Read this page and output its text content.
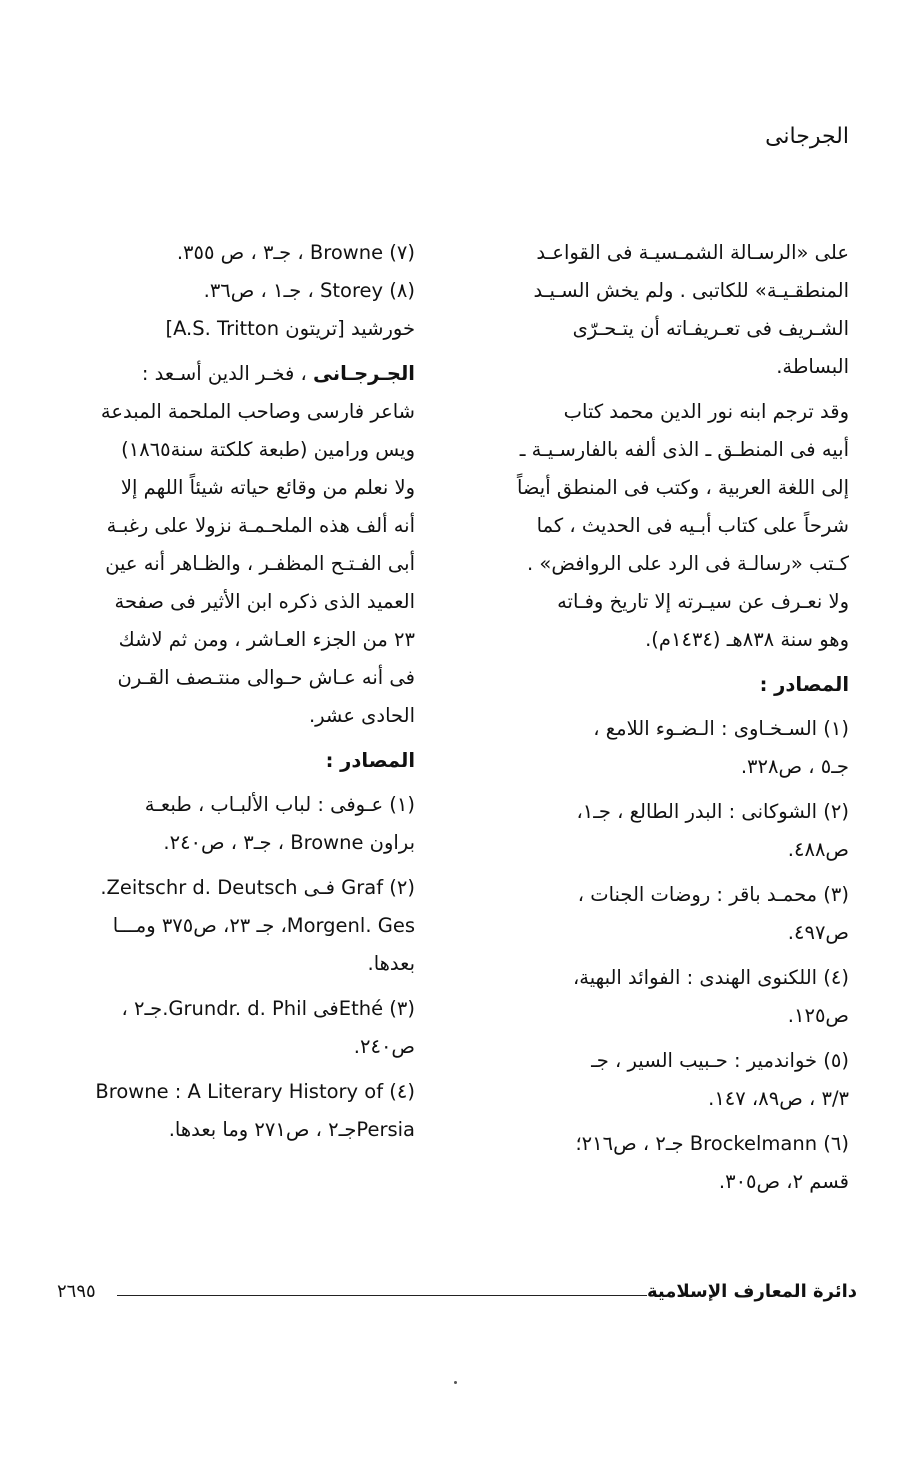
الجرجانى

على «الرسـالة الشمـسيـة فى القواعـد
المنطقـيـة» للكاتبى . ولم يخش السـيـد
الشـريف فى تعـريفـاته أن يتـحـرّى
البساطة.

وقد ترجم ابنه نور الدين محمد كتاب
أبيه فى المنطـق ـ الذى ألفه بالفارسـيـة ـ
إلى اللغة العربية ، وكتب فى المنطق أيضاً
شرحاً على كتاب أبـيه فى الحديث ، كما
كـتب «رسالـة فى الرد على الروافض» .
ولا نعـرف عن سيـرته إلا تاريخ وفـاته
وهو سنة ٨٣٨هـ (١٤٣٤م).

المصادر :

(١) السـخـاوى : الـضـوء اللامع ،
جـ٥ ، ص٣٢٨.

(٢) الشوكانى : البدر الطالع ، جـ١،
ص٤٨٨.

(٣) محمـد باقر : روضات الجنات ،
ص٤٩٧.

(٤) اللكنوى الهندى : الفوائد البهية،
ص١٢٥.

(٥) خواندمير : حـبيب السير ، جـ
٣/٣ ، ص٨٩، ١٤٧.

(٦) Brockelmann جـ٢ ، ص٢١٦؛
قسم ٢، ص٣٠٥.

(٧) Browne ، جـ٣ ، ص ٣٥٥.
(٨) Storey ، جـ١ ، ص٣٦.
خورشيد [تريتون A.S. Tritton]

الجـرجـانى ، فخـر الدين أسـعد :
شاعر فارسى وصاحب الملحمة المبدعة
ويس ورامين (طبعة كلكتة سنة١٨٦٥)
ولا نعلم من وقائع حياته شيئاً اللهم إلا
أنه ألف هذه الملحـمـة نزولا على رغبـة
أبى الفـتـح المظفـر ، والظـاهر أنه عين
العميد الذى ذكره ابن الأثير فى صفحة
٢٣ من الجزء العـاشر ، ومن ثم لاشك
فى أنه عـاش حـوالى منتـصف القـرن
الحادى عشر.

المصادر :

(١) عـوفى : لباب الألبـاب ، طبعـة
براون Browne ، جـ٣ ، ص٢٤٠.

(٢) Graf فـى Zeitschr d. Deutsch.
Morgenl. Ges، جـ ٢٣، ص٣٧٥ ومـــا
بعدها.

(٣) Ethéفى Grundr. d. Phil.جـ٢ ،
ص٢٤٠.

(٤) Browne : A Literary History of
Persiaجـ٢ ، ص٢٧١ وما بعدها.

دائرة المعارف الإسلامية
٢٦٩٥
